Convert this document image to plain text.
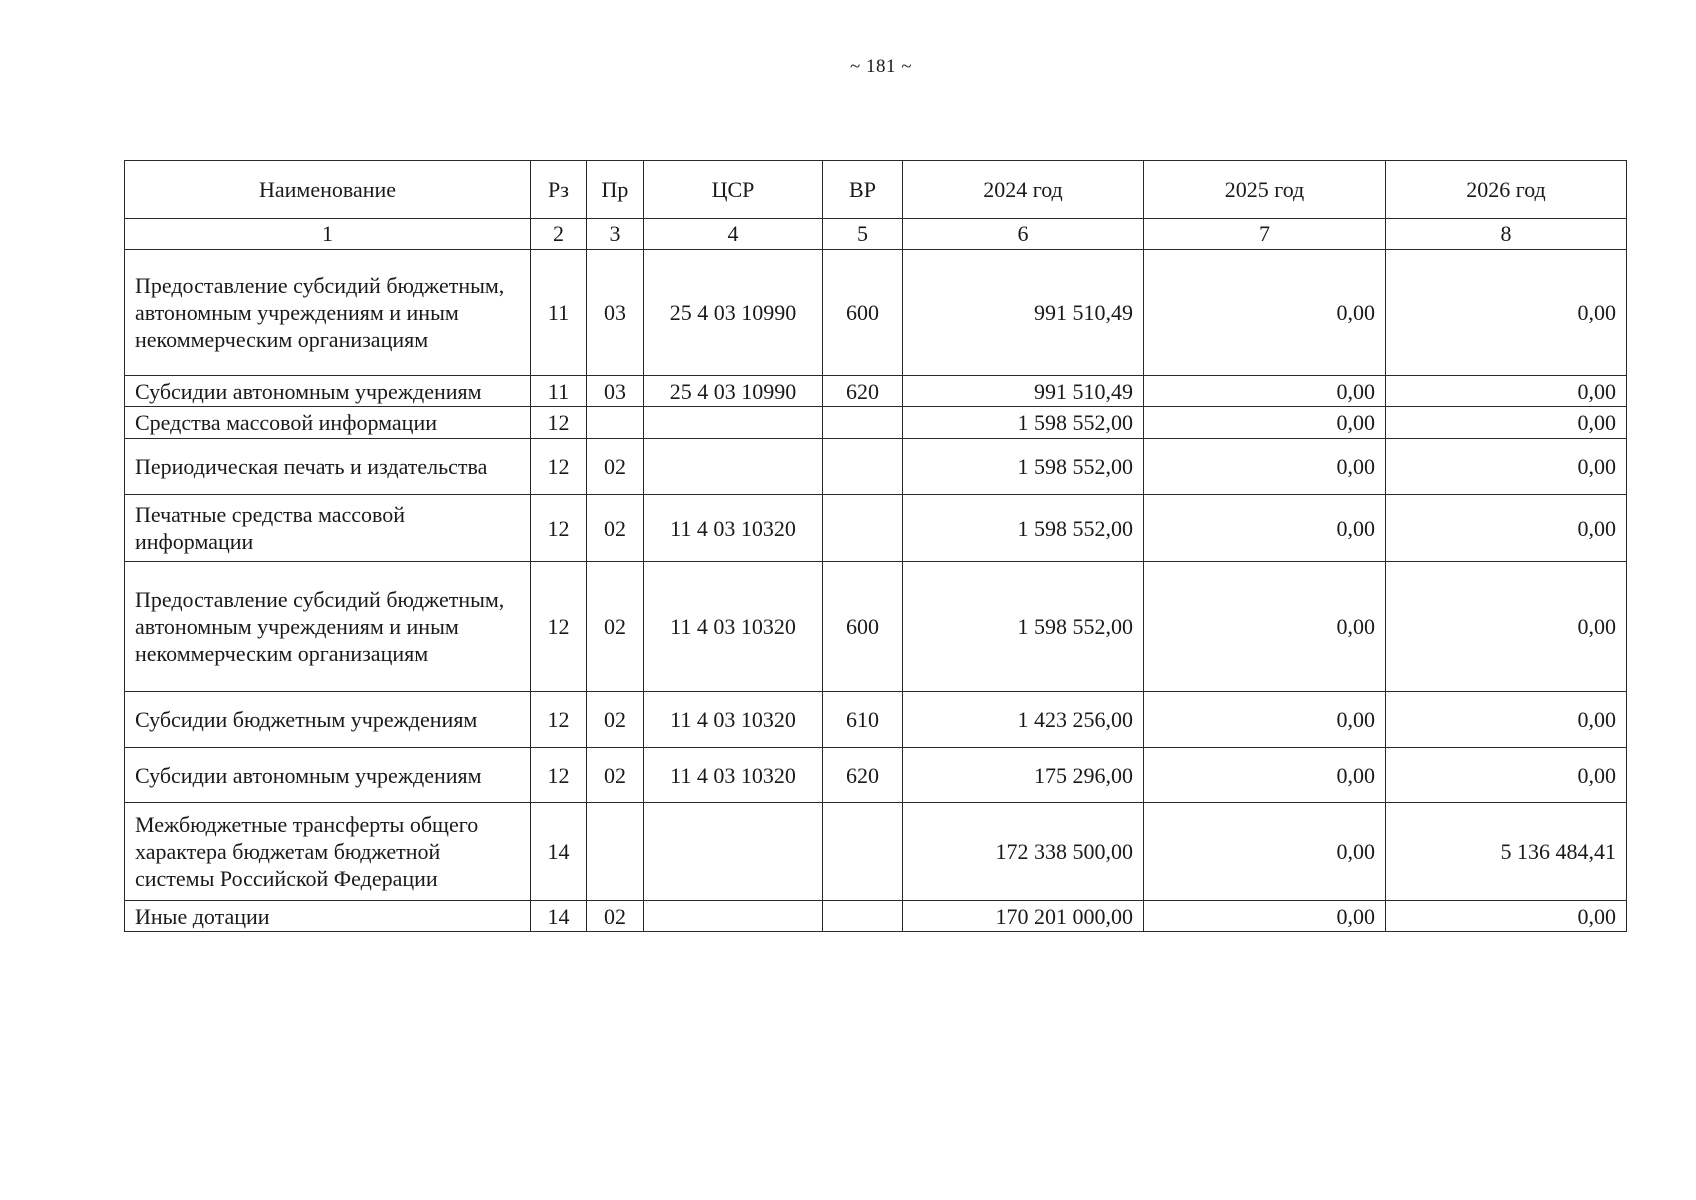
~ 181 ~
Наименование	Рз	Пр	ЦСР	ВР	2024 год	2025 год	2026 год
1	2	3	4	5	6	7	8
Предоставление субсидий бюджетным, автономным учреждениям и иным некоммерческим организациям	11	03	25 4 03 10990	600	991 510,49	0,00	0,00
Субсидии автономным учреждениям	11	03	25 4 03 10990	620	991 510,49	0,00	0,00
Средства массовой информации	12				1 598 552,00	0,00	0,00
Периодическая печать и издательства	12	02			1 598 552,00	0,00	0,00
Печатные средства массовой информации	12	02	11 4 03 10320		1 598 552,00	0,00	0,00
Предоставление субсидий бюджетным, автономным учреждениям и иным некоммерческим организациям	12	02	11 4 03 10320	600	1 598 552,00	0,00	0,00
Субсидии бюджетным учреждениям	12	02	11 4 03 10320	610	1 423 256,00	0,00	0,00
Субсидии автономным учреждениям	12	02	11 4 03 10320	620	175 296,00	0,00	0,00
Межбюджетные трансферты общего характера бюджетам бюджетной системы Российской Федерации	14				172 338 500,00	0,00	5 136 484,41
Иные дотации	14	02			170 201 000,00	0,00	0,00
